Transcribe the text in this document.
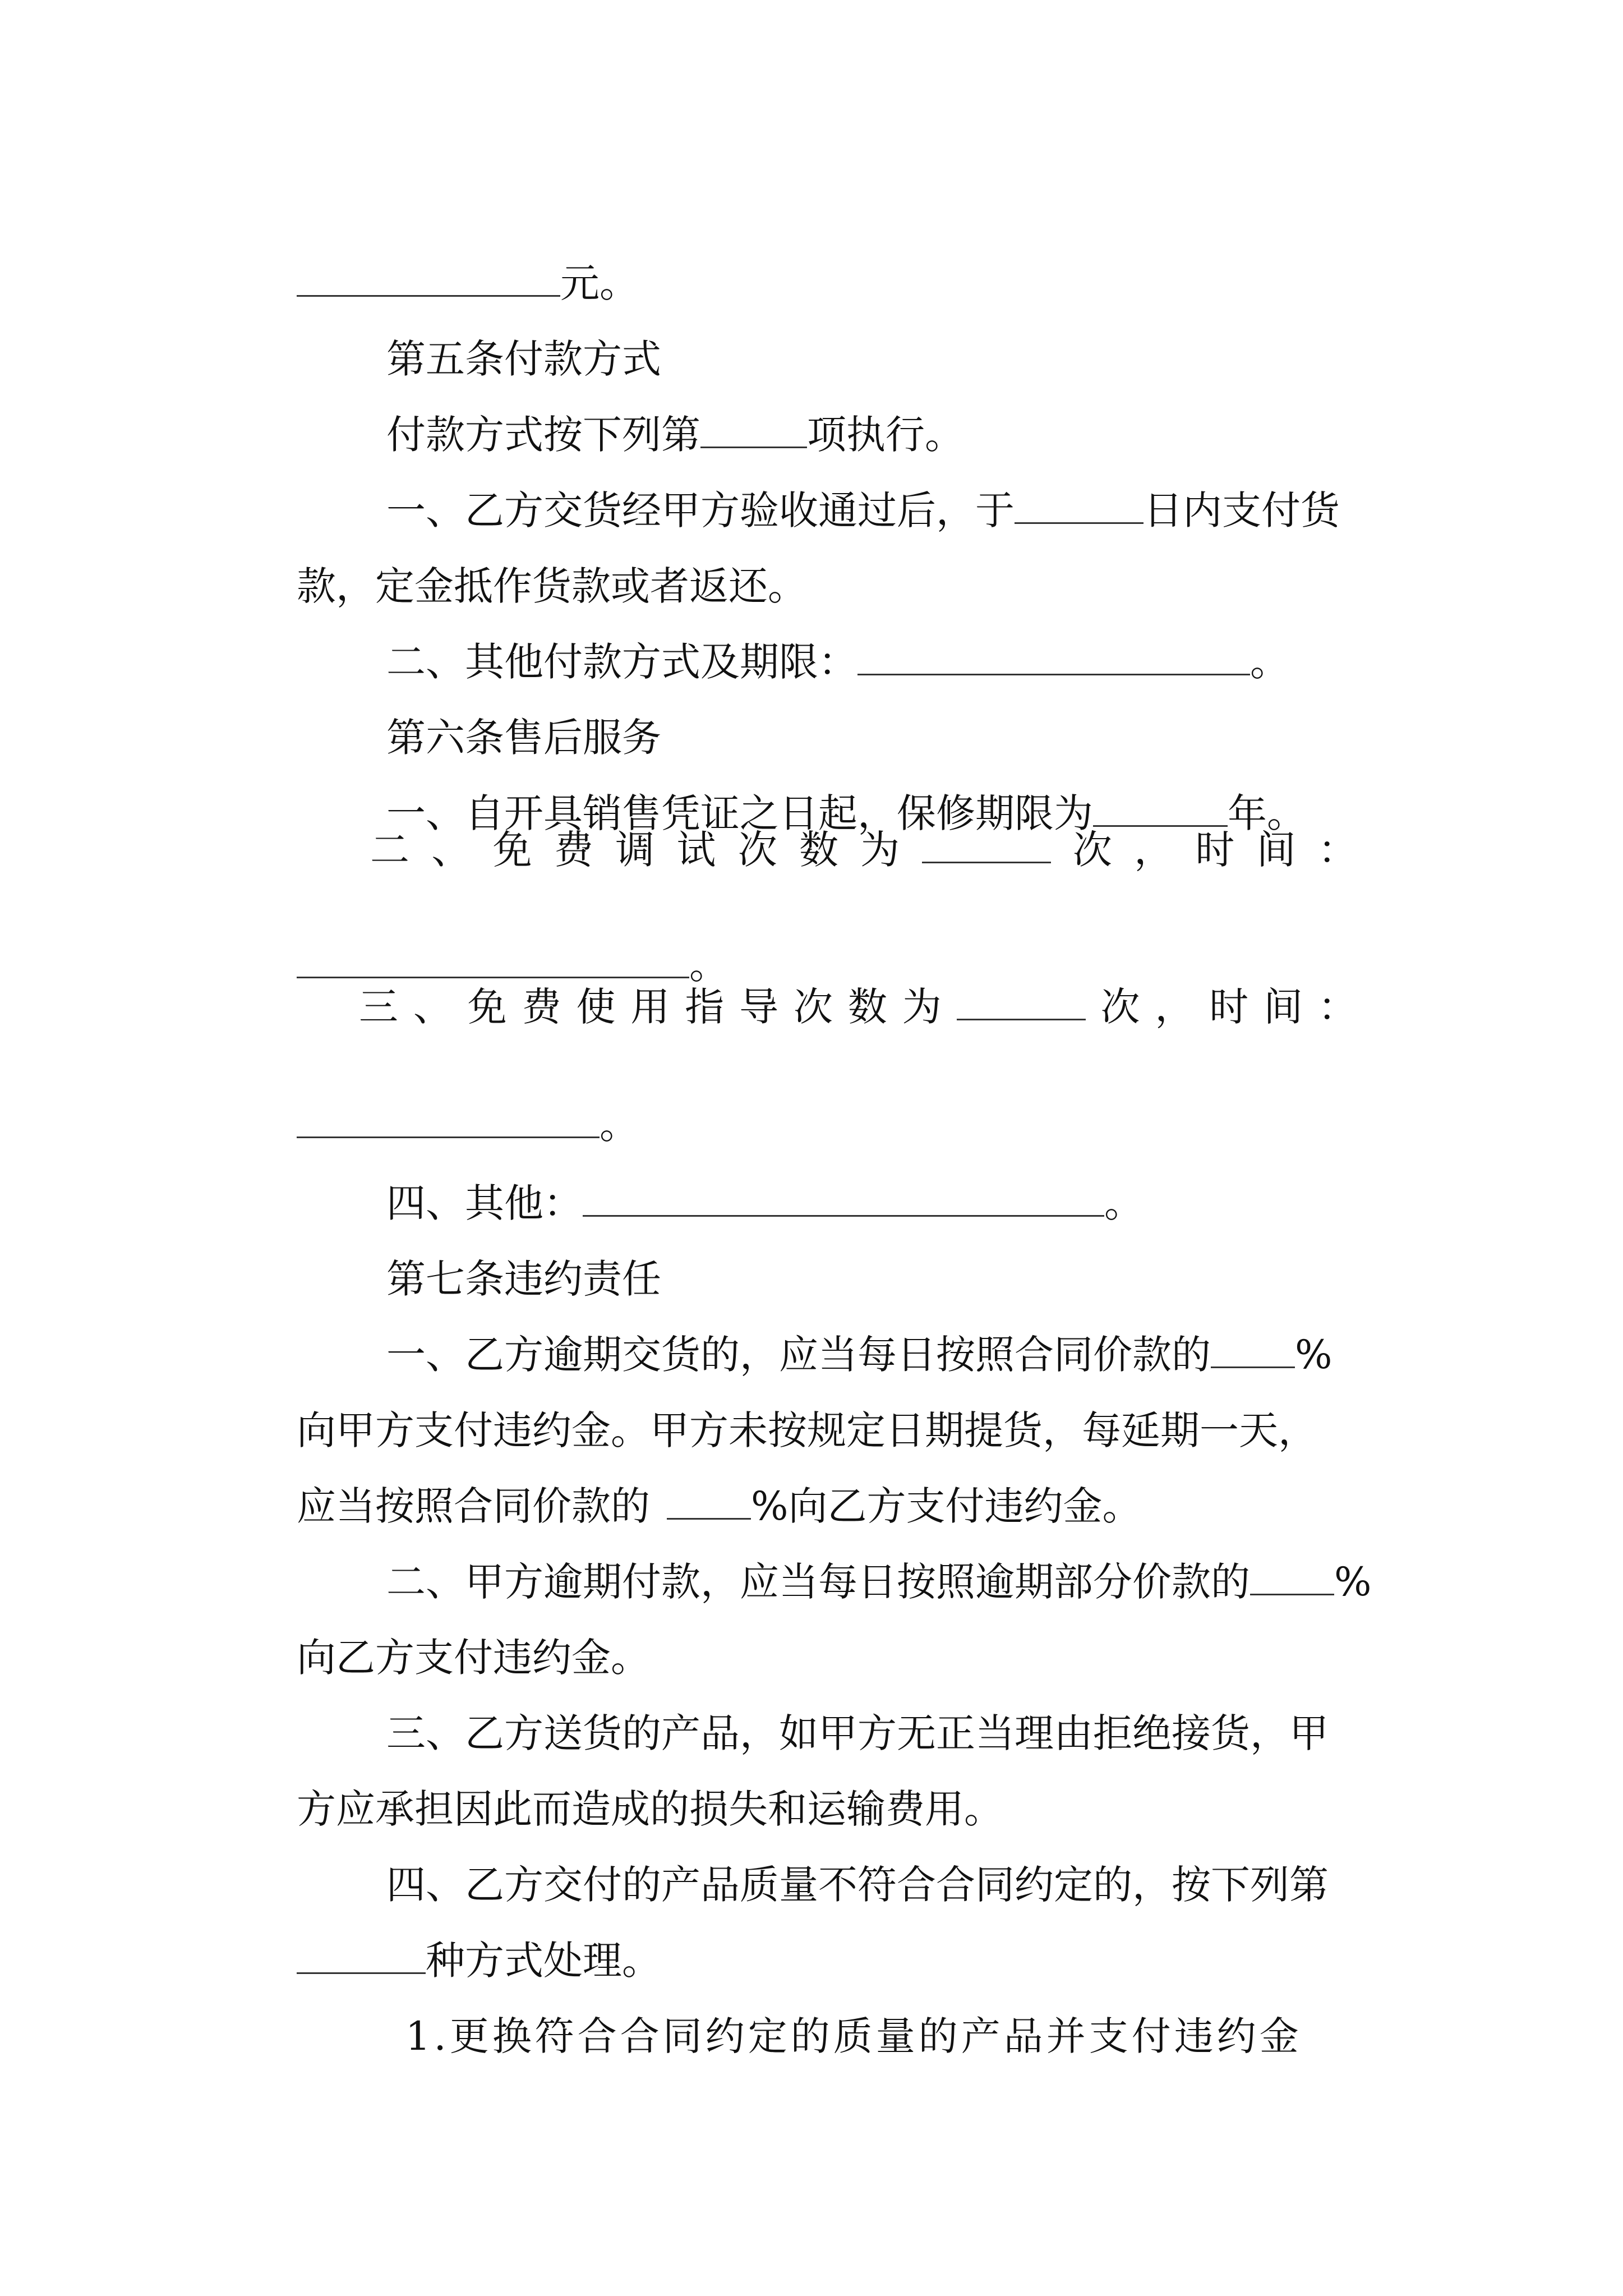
元。

第五条付款方式

付款方式按下列第	项执行。

一、乙方交货经甲方验收通过后，于	日内支付货

款，定金抵作货款或者返还。

二、其他付款方式及期限：	。

第六条售后服务

一、自开具销售凭证之日起，保修期限为	年。

二 、 免 费 调 试 次 数 为	次 ， 时 间 ：

。

三 、 免 费 使 用 指 导 次 数 为	次 ， 时 间 ：

。

四、其他：	。

第七条违约责任

一、乙方逾期交货的，应当每日按照合同价款的 %

向甲方支付违约金。甲方未按规定日期提货，每延期一天，

应当按照合同价款的	%向乙方支付违约金。

二、甲方逾期付款，应当每日按照逾期部分价款的 %

向乙方支付违约金。

三、乙方送货的产品，如甲方无正当理由拒绝接货，甲

方应承担因此而造成的损失和运输费用。

四、乙方交付的产品质量不符合合同约定的，按下列第

种方式处理。

1.更换符合合同约定的质量的产品并支付违约金
